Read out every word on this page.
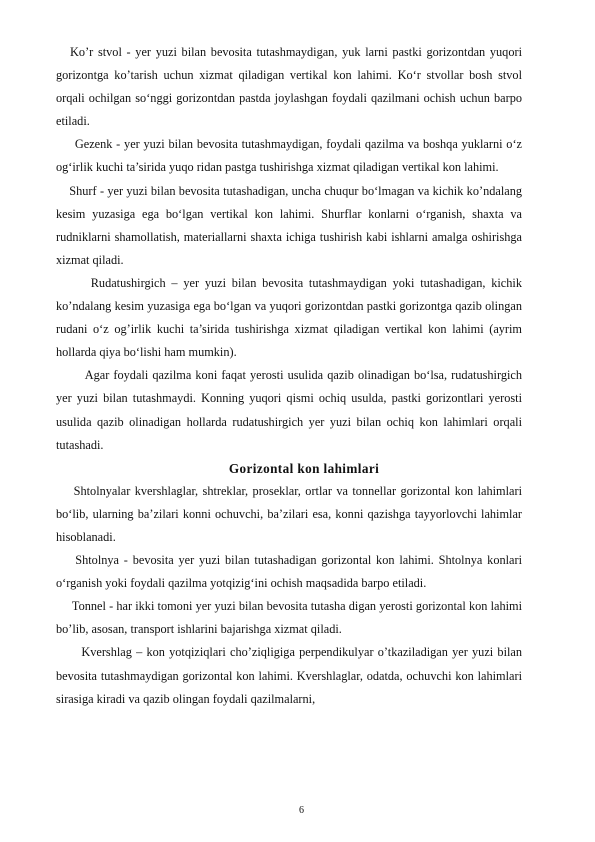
Ko’r stvol - yer yuzi bilan bevosita tutashmaydigan, yuk larni pastki gorizontdan yuqori gorizontga ko’tarish uchun xizmat qiladigan vertikal kon lahimi. Ko‘r stvollar bosh stvol orqali ochilgan so‘nggi gorizontdan pastda joylashgan foydali qazilmani ochish uchun barpo etiladi.

Gezenk - yer yuzi bilan bevosita tutashmaydigan, foydali qazilma va boshqa yuklarni o‘z og‘irlik kuchi ta’sirida yuqo ridan pastga tushirishga xizmat qiladigan vertikal kon lahimi.

Shurf - yer yuzi bilan bevosita tutashadigan, uncha chuqur bo‘lmagan va kichik ko’ndalang kesim yuzasiga ega bo‘lgan vertikal kon lahimi. Shurflar konlarni o‘rganish, shaxta va rudniklarni shamollatish, materiallarni shaxta ichiga tushirish kabi ishlarni amalga oshirishga xizmat qiladi.

Rudatushirgich – yer yuzi bilan bevosita tutashmaydigan yoki tutashadigan, kichik ko’ndalang kesim yuzasiga ega bo‘lgan va yuqori gorizontdan pastki gorizontga qazib olingan rudani o‘z og’irlik kuchi ta’sirida tushirishga xizmat qiladigan vertikal kon lahimi (ayrim hollarda qiya bo‘lishi ham mumkin).

Agar foydali qazilma koni faqat yerosti usulida qazib olinadigan bo‘lsa, rudatushirgich yer yuzi bilan tutashmaydi. Konning yuqori qismi ochiq usulda, pastki gorizontlari yerosti usulida qazib olinadigan hollarda rudatushirgich yer yuzi bilan ochiq kon lahimlari orqali tutashadi.

Gorizontal kon lahimlari

Shtolnyalar kvershlaglar, shtreklar, proseklar, ortlar va tonnellar gorizontal kon lahimlari bo‘lib, ularning ba’zilari konni ochuvchi, ba’zilari esa, konni qazishga tayyorlovchi lahimlar hisoblanadi.

Shtolnya - bevosita yer yuzi bilan tutashadigan gorizontal kon lahimi. Shtolnya konlari o‘rganish yoki foydali qazilma yotqizig‘ini ochish maqsadida barpo etiladi.

Tonnel - har ikki tomoni yer yuzi bilan bevosita tutasha digan yerosti gorizontal kon lahimi bo’lib, asosan, transport ishlarini bajarishga xizmat qiladi.

Kvershlag – kon yotqiziqlari cho’ziqligiga perpendikulyar o’tkaziladigan yer yuzi bilan bevosita tutashmaydigan gorizontal kon lahimi. Kvershlaglar, odatda, ochuvchi kon lahimlari sirasiga kiradi va qazib olingan foydali qazilmalarni,

6
